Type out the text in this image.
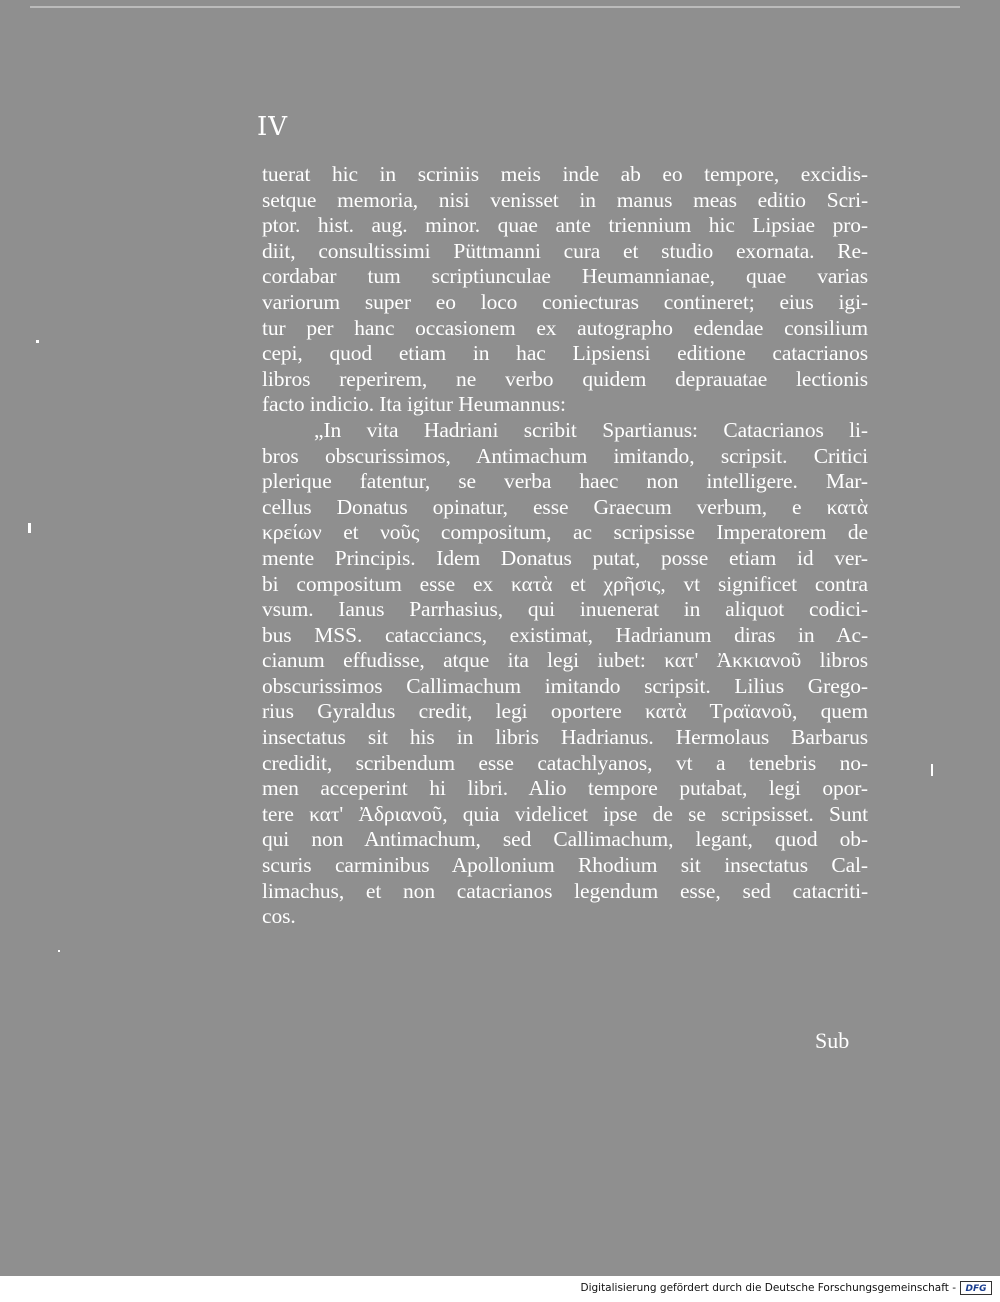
IV
tuerat hic in scriniis meis inde ab eo tempore, excidis-
setque memoria, nisi venisset in manus meas editio Scri-
ptor. hist. aug. minor. quae ante triennium hic Lipsiae pro-
diit, consultissimi Püttmanni cura et studio exornata. Re-
cordabar tum scriptiunculae Heumannianae, quae varias
variorum super eo loco coniecturas contineret; eius igi-
tur per hanc occasionem ex autographo edendae consilium
cepi, quod etiam in hac Lipsiensi editione catacrianos
libros reperirem, ne verbo quidem deprauatae lectionis
facto indicio. Ita igitur Heumannus:
„In vita Hadriani scribit Spartianus: Catacrianos li-
bros obscurissimos, Antimachum imitando, scripsit. Critici
plerique fatentur, se verba haec non intelligere. Mar-
cellus Donatus opinatur, esse Graecum verbum, e κατὰ
κρείων et νοῦς compositum, ac scripsisse Imperatorem de
mente Principis. Idem Donatus putat, posse etiam id ver-
bi compositum esse ex κατὰ et χρῆσις, vt significet contra
vsum. Ianus Parrhasius, qui inuenerat in aliquot codici-
bus MSS. catacciancs, existimat, Hadrianum diras in Ac-
cianum effudisse, atque ita legi iubet: κατ' Ἀκκιανοῦ libros
obscurissimos Callimachum imitando scripsit. Lilius Grego-
rius Gyraldus credit, legi oportere κατὰ Τραϊανοῦ, quem
insectatus sit his in libris Hadrianus. Hermolaus Barbarus
credidit, scribendum esse catachlyanos, vt a tenebris no-
men acceperint hi libri. Alio tempore putabat, legi opor-
tere κατ' Ἀδριανοῦ, quia videlicet ipse de se scripsisset. Sunt
qui non Antimachum, sed Callimachum, legant, quod ob-
scuris carminibus Apollonium Rhodium sit insectatus Cal-
limachus, et non catacrianos legendum esse, sed catacriti-
cos.
Sub
Digitalisierung gefördert durch die Deutsche Forschungsgemeinschaft -	DFG
